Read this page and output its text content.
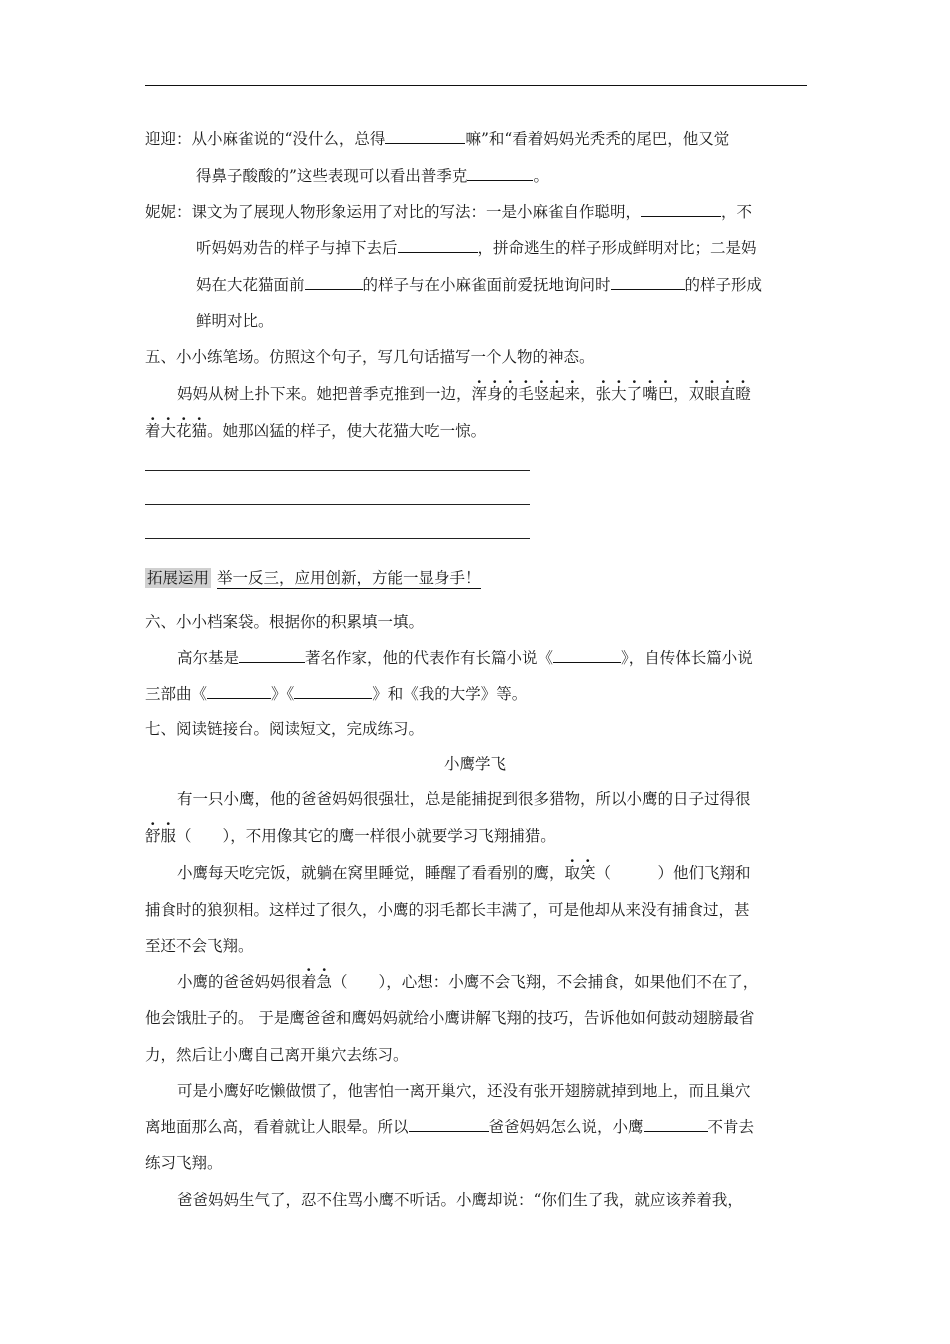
迎迎：从小麻雀说的“没什么，总得	嘛”和“看着妈妈光秃秃的尾巴，他又觉
得鼻子酸酸的”这些表现可以看出普季克	。
妮妮：课文为了展现人物形象运用了对比的写法：一是小麻雀自作聪明，	，不
听妈妈劝告的样子与掉下去后	，拼命逃生的样子形成鲜明对比；二是妈
妈在大花猫面前	的样子与在小麻雀面前爱抚地询问时	的样子形成
鲜明对比。
五、小小练笔场。仿照这个句子，写几句话描写一个人物的神态。
妈妈从树上扑下来。她把普季克推到一边，浑身的毛竖起来，张大了嘴巴，双眼直瞪
着大花猫。她那凶猛的样子，使大花猫大吃一惊。
拓展运用 举一反三，应用创新，方能一显身手！
六、小小档案袋。根据你的积累填一填。
高尔基是	著名作家，他的代表作有长篇小说《	》，自传体长篇小说
三部曲《	》《	》和《我的大学》等。
七、阅读链接台。阅读短文，完成练习。
小鹰学飞
有一只小鹰，他的爸爸妈妈很强壮，总是能捕捉到很多猎物，所以小鹰的日子过得很
舒服（　　），不用像其它的鹰一样很小就要学习飞翔捕猎。
小鹰每天吃完饭，就躺在窝里睡觉，睡醒了看看别的鹰，取笑（　　　）他们飞翔和
捕食时的狼狈相。这样过了很久，小鹰的羽毛都长丰满了，可是他却从来没有捕食过，甚
至还不会飞翔。
小鹰的爸爸妈妈很着急（　　），心想：小鹰不会飞翔，不会捕食，如果他们不在了，
他会饿肚子的。 于是鹰爸爸和鹰妈妈就给小鹰讲解飞翔的技巧，告诉他如何鼓动翅膀最省
力，然后让小鹰自己离开巢穴去练习。
可是小鹰好吃懒做惯了，他害怕一离开巢穴，还没有张开翅膀就掉到地上，而且巢穴
离地面那么高，看着就让人眼晕。所以	爸爸妈妈怎么说，小鹰	不肯去
练习飞翔。
爸爸妈妈生气了，忍不住骂小鹰不听话。小鹰却说：“你们生了我，就应该养着我，
